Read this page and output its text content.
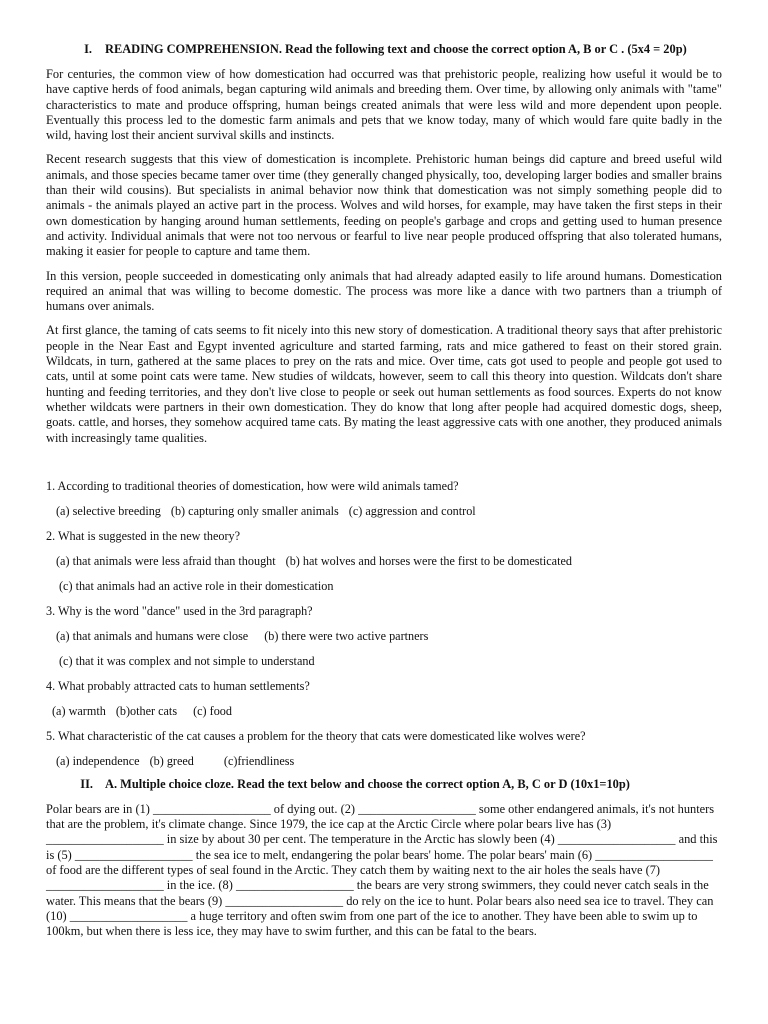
I. READING COMPREHENSION. Read the following text and choose the correct option A, B or C . (5x4 = 20p)

For centuries, the common view of how domestication had occurred was that prehistoric people, realizing how useful it would be to have captive herds of food animals, began capturing wild animals and breeding them. Over time, by allowing only animals with "tame" characteristics to mate and produce offspring, human beings created animals that were less wild and more dependent upon people. Eventually this process led to the domestic farm animals and pets that we know today, many of which would fare quite badly in the wild, having lost their ancient survival skills and instincts.

Recent research suggests that this view of domestication is incomplete. Prehistoric human beings did capture and breed useful wild animals, and those species became tamer over time (they generally changed physically, too, developing larger bodies and smaller brains than their wild cousins). But specialists in animal behavior now think that domestication was not simply something people did to animals - the animals played an active part in the process. Wolves and wild horses, for example, may have taken the first steps in their own domestication by hanging around human settlements, feeding on people's garbage and crops and getting used to human presence and activity. Individual animals that were not too nervous or fearful to live near people produced offspring that also tolerated humans, making it easier for people to capture and tame them.

In this version, people succeeded in domesticating only animals that had already adapted easily to life around humans. Domestication required an animal that was willing to become domestic. The process was more like a dance with two partners than a triumph of humans over animals.

At first glance, the taming of cats seems to fit nicely into this new story of domestication. A traditional theory says that after prehistoric people in the Near East and Egypt invented agriculture and started farming, rats and mice gathered to feast on their stored grain. Wildcats, in turn, gathered at the same places to prey on the rats and mice. Over time, cats got used to people and people got used to cats, until at some point cats were tame. New studies of wildcats, however, seem to call this theory into question. Wildcats don't share hunting and feeding territories, and they don't live close to people or seek out human settlements as food sources. Experts do not know whether wildcats were partners in their own domestication. They do know that long after people had acquired domestic dogs, sheep, goats. cattle, and horses, they somehow acquired tame cats. By mating the least aggressive cats with one another, they produced animals with increasingly tame qualities.

1. According to traditional theories of domestication, how were wild animals tamed?
(a) selective breeding (b) capturing only smaller animals (c) aggression and control
2. What is suggested in the new theory?
(a) that animals were less afraid than thought (b) hat wolves and horses were the first to be domesticated
(c) that animals had an active role in their domestication
3. Why is the word "dance" used in the 3rd paragraph?
(a) that animals and humans were close (b) there were two active partners
(c) that it was complex and not simple to understand
4. What probably attracted cats to human settlements?
(a) warmth (b)other cats (c) food
5. What characteristic of the cat causes a problem for the theory that cats were domesticated like wolves were?
(a) independence (b) greed (c)friendliness
II. A. Multiple choice cloze. Read the text below and choose the correct option A, B, C or D (10x1=10p)

Polar bears are in (1) ___________________ of dying out. (2) ___________________ some other endangered animals, it's not hunters that are the problem, it's climate change. Since 1979, the ice cap at the Arctic Circle where polar bears live has (3) ___________________ in size by about 30 per cent. The temperature in the Arctic has slowly been (4) ___________________ and this is (5) ___________________ the sea ice to melt, endangering the polar bears' home. The polar bears' main (6) ___________________ of food are the different types of seal found in the Arctic. They catch them by waiting next to the air holes the seals have (7) ___________________ in the ice. (8) ___________________ the bears are very strong swimmers, they could never catch seals in the water. This means that the bears (9) ___________________ do rely on the ice to hunt. Polar bears also need sea ice to travel. They can (10) ___________________ a huge territory and often swim from one part of the ice to another. They have been able to swim up to 100km, but when there is less ice, they may have to swim further, and this can be fatal to the bears.
